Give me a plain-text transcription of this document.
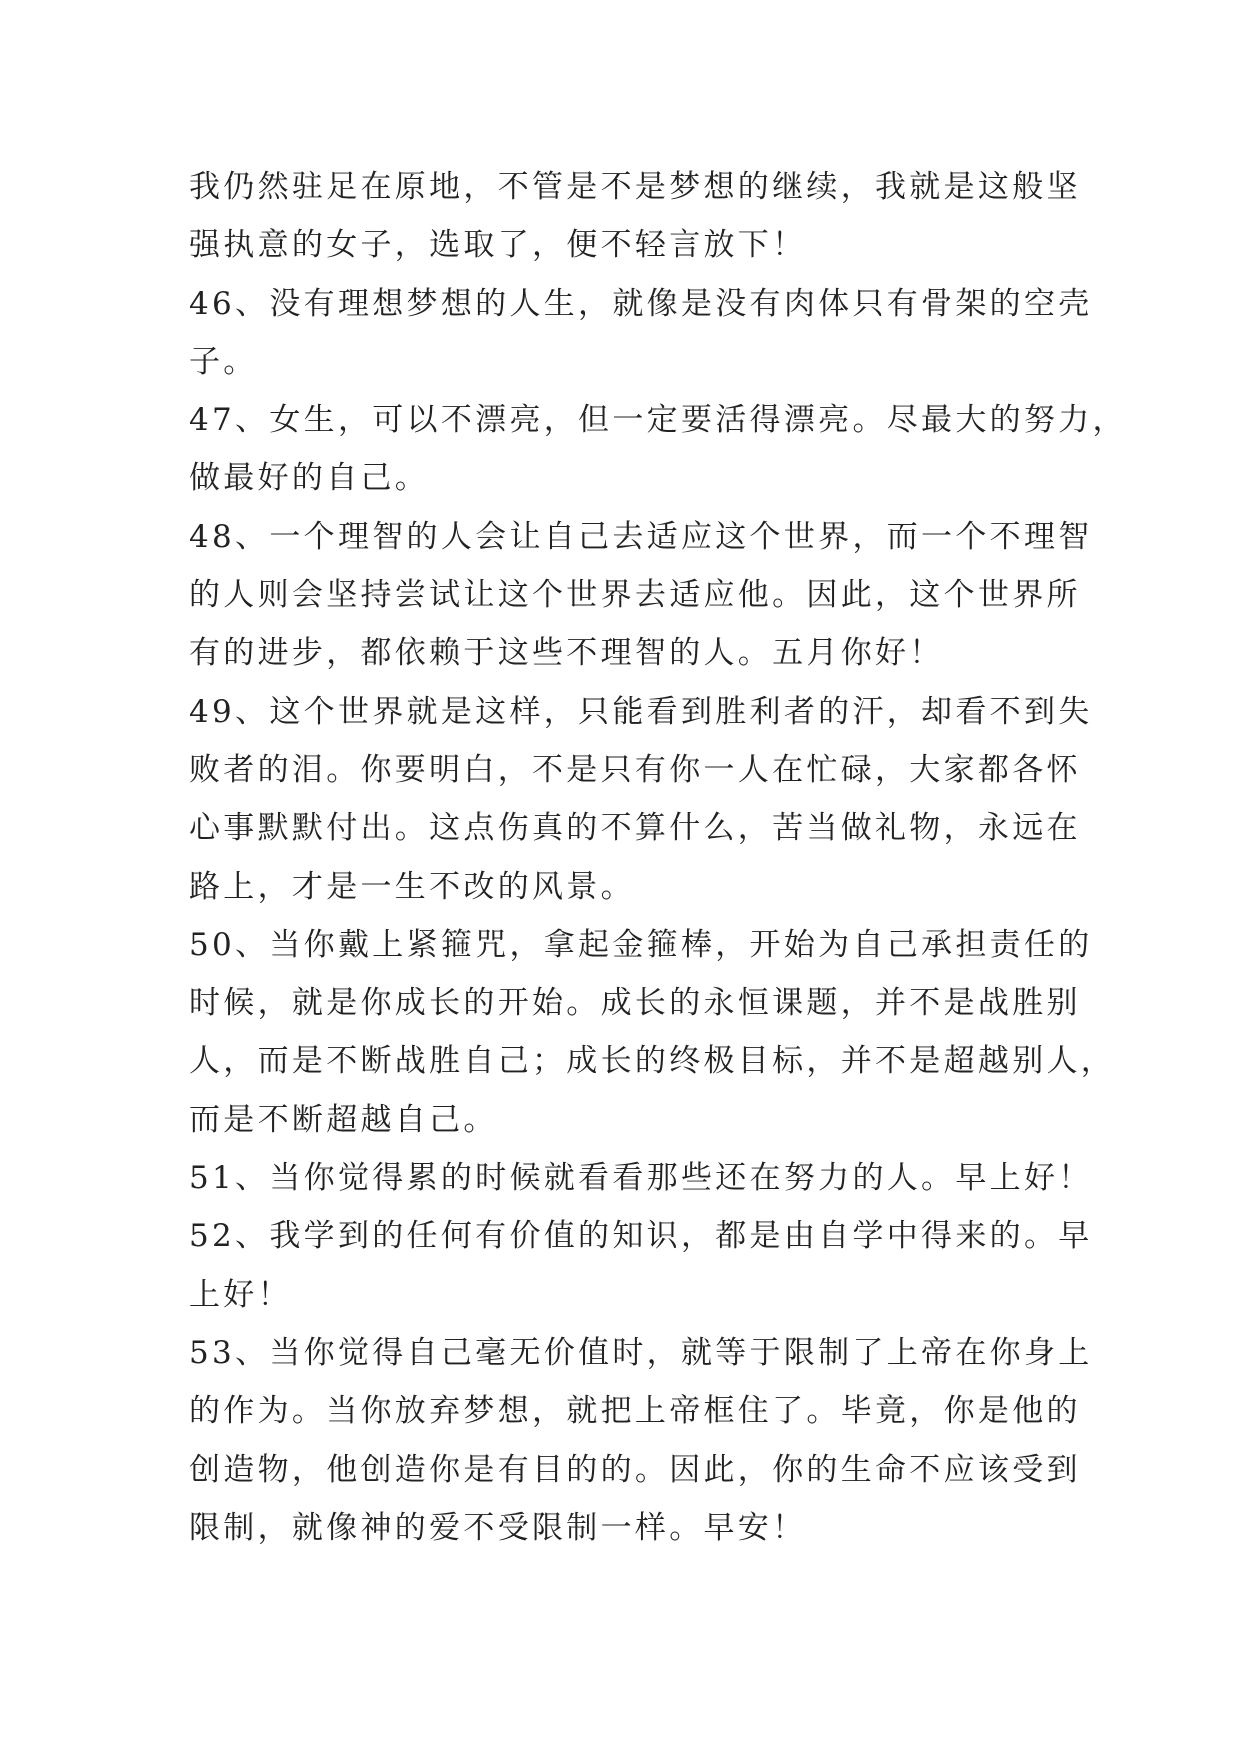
我仍然驻足在原地，不管是不是梦想的继续，我就是这般坚
强执意的女子，选取了，便不轻言放下！
46、没有理想梦想的人生，就像是没有肉体只有骨架的空壳
子。
47、女生，可以不漂亮，但一定要活得漂亮。尽最大的努力，
做最好的自己。
48、一个理智的人会让自己去适应这个世界，而一个不理智
的人则会坚持尝试让这个世界去适应他。因此，这个世界所
有的进步，都依赖于这些不理智的人。五月你好！
49、这个世界就是这样，只能看到胜利者的汗，却看不到失
败者的泪。你要明白，不是只有你一人在忙碌，大家都各怀
心事默默付出。这点伤真的不算什么，苦当做礼物，永远在
路上，才是一生不改的风景。
50、当你戴上紧箍咒，拿起金箍棒，开始为自己承担责任的
时候，就是你成长的开始。成长的永恒课题，并不是战胜别
人，而是不断战胜自己；成长的终极目标，并不是超越别人，
而是不断超越自己。
51、当你觉得累的时候就看看那些还在努力的人。早上好！
52、我学到的任何有价值的知识，都是由自学中得来的。早
上好！
53、当你觉得自己毫无价值时，就等于限制了上帝在你身上
的作为。当你放弃梦想，就把上帝框住了。毕竟，你是他的
创造物，他创造你是有目的的。因此，你的生命不应该受到
限制，就像神的爱不受限制一样。早安！
